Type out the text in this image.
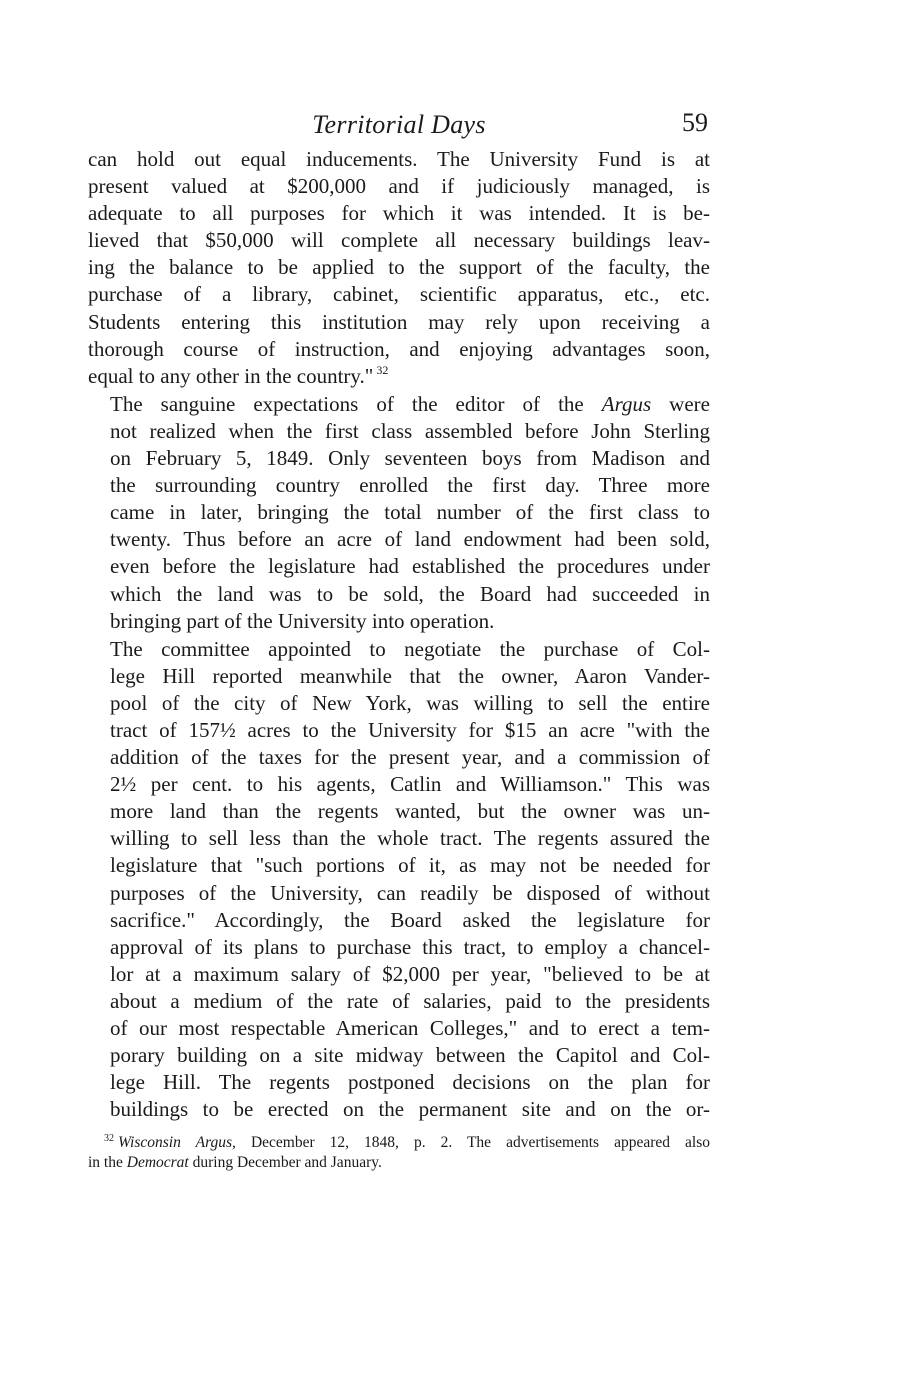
Territorial Days	59

can hold out equal inducements. The University Fund is at
present valued at $200,000 and if judiciously managed, is
adequate to all purposes for which it was intended. It is be-
lieved that $50,000 will complete all necessary buildings leav-
ing the balance to be applied to the support of the faculty, the
purchase of a library, cabinet, scientific apparatus, etc., etc.
Students entering this institution may rely upon receiving a
thorough course of instruction, and enjoying advantages soon,
equal to any other in the country." $^{32}$

The sanguine expectations of the editor of the Argus were
not realized when the first class assembled before John Sterling
on February 5, 1849. Only seventeen boys from Madison and
the surrounding country enrolled the first day. Three more
came in later, bringing the total number of the first class to
twenty. Thus before an acre of land endowment had been sold,
even before the legislature had established the procedures under
which the land was to be sold, the Board had succeeded in
bringing part of the University into operation.

The committee appointed to negotiate the purchase of Col-
lege Hill reported meanwhile that the owner, Aaron Vander-
pool of the city of New York, was willing to sell the entire
tract of 157½ acres to the University for $15 an acre "with the
addition of the taxes for the present year, and a commission of
2½ per cent. to his agents, Catlin and Williamson." This was
more land than the regents wanted, but the owner was un-
willing to sell less than the whole tract. The regents assured the
legislature that "such portions of it, as may not be needed for
purposes of the University, can readily be disposed of without
sacrifice." Accordingly, the Board asked the legislature for
approval of its plans to purchase this tract, to employ a chancel-
lor at a maximum salary of $2,000 per year, "believed to be at
about a medium of the rate of salaries, paid to the presidents
of our most respectable American Colleges," and to erect a tem-
porary building on a site midway between the Capitol and Col-
lege Hill. The regents postponed decisions on the plan for
buildings to be erected on the permanent site and on the or-

$^{32}$ Wisconsin Argus, December 12, 1848, p. 2. The advertisements appeared also
in the Democrat during December and January.
